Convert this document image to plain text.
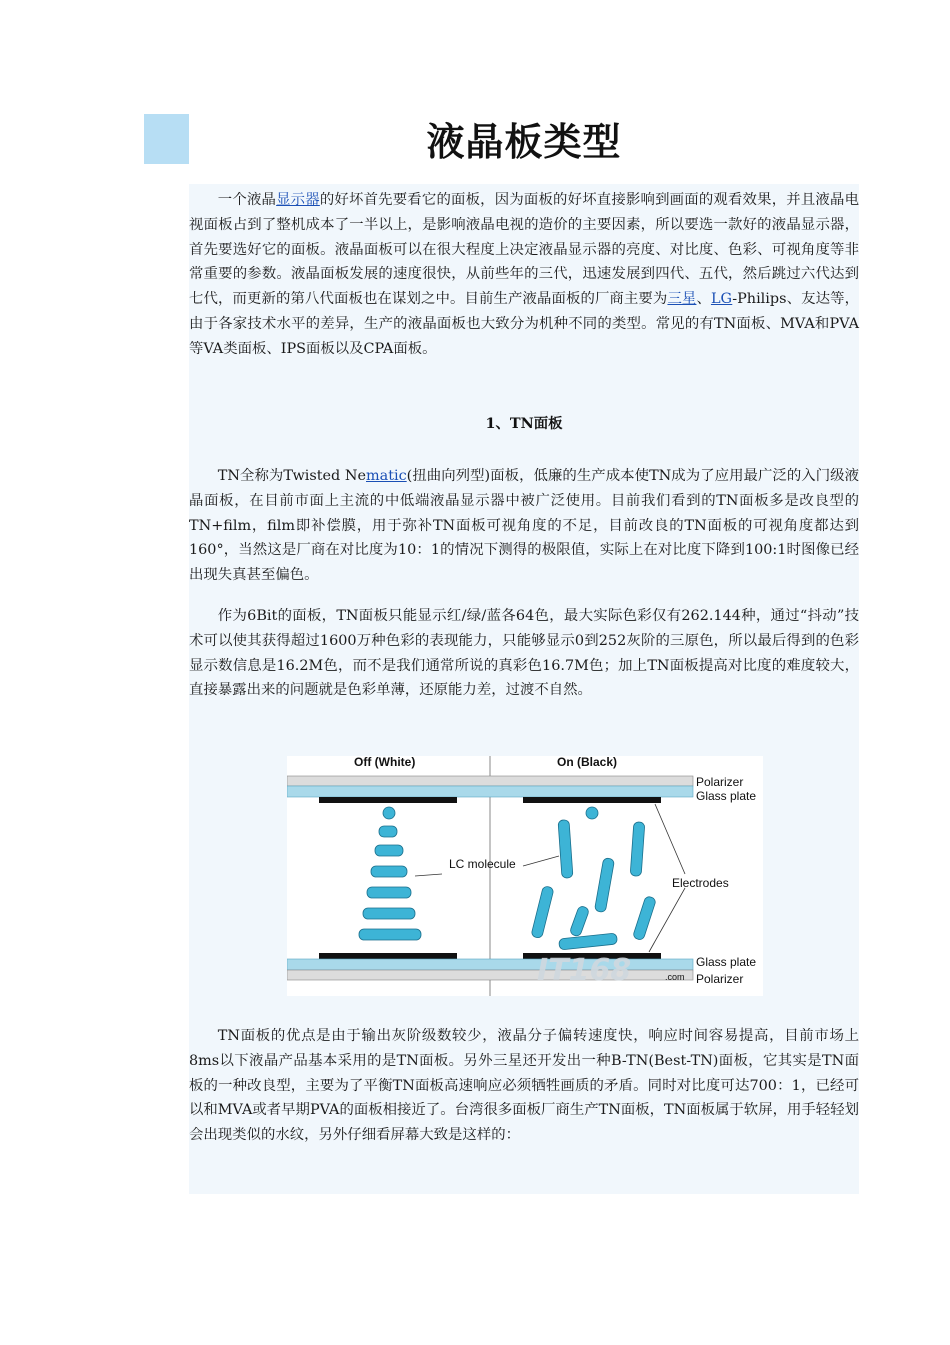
液晶板类型

一个液晶显示器的好坏首先要看它的面板，因为面板的好坏直接影响到画面的观看效果，并且液晶电视面板占到了整机成本了一半以上，是影响液晶电视的造价的主要因素，所以要选一款好的液晶显示器，首先要选好它的面板。液晶面板可以在很大程度上决定液晶显示器的亮度、对比度、色彩、可视角度等非常重要的参数。液晶面板发展的速度很快，从前些年的三代，迅速发展到四代、五代，然后跳过六代达到七代，而更新的第八代面板也在谋划之中。目前生产液晶面板的厂商主要为三星、LG-Philips、友达等，由于各家技术水平的差异，生产的液晶面板也大致分为机种不同的类型。常见的有TN面板、MVA和PVA等VA类面板、IPS面板以及CPA面板。

1、TN面板

TN全称为Twisted Nematic(扭曲向列型)面板，低廉的生产成本使TN成为了应用最广泛的入门级液晶面板，在目前市面上主流的中低端液晶显示器中被广泛使用。目前我们看到的TN面板多是改良型的TN+film，film即补偿膜，用于弥补TN面板可视角度的不足，目前改良的TN面板的可视角度都达到160°，当然这是厂商在对比度为10：1的情况下测得的极限值，实际上在对比度下降到100:1时图像已经出现失真甚至偏色。

作为6Bit的面板，TN面板只能显示红/绿/蓝各64色，最大实际色彩仅有262.144种，通过“抖动”技术可以使其获得超过1600万种色彩的表现能力，只能够显示0到252灰阶的三原色，所以最后得到的色彩显示数信息是16.2M色，而不是我们通常所说的真彩色16.7M色；加上TN面板提高对比度的难度较大，直接暴露出来的问题就是色彩单薄，还原能力差，过渡不自然。

Off (White)	On (Black)
Polarizer
Glass plate
LC molecule
Electrodes
Glass plate
Polarizer
IT168	.com

TN面板的优点是由于输出灰阶级数较少，液晶分子偏转速度快，响应时间容易提高，目前市场上8ms以下液晶产品基本采用的是TN面板。另外三星还开发出一种B-TN(Best-TN)面板，它其实是TN面板的一种改良型，主要为了平衡TN面板高速响应必须牺牲画质的矛盾。同时对比度可达700：1，已经可以和MVA或者早期PVA的面板相接近了。台湾很多面板厂商生产TN面板，TN面板属于软屏，用手轻轻划会出现类似的水纹，另外仔细看屏幕大致是这样的：
